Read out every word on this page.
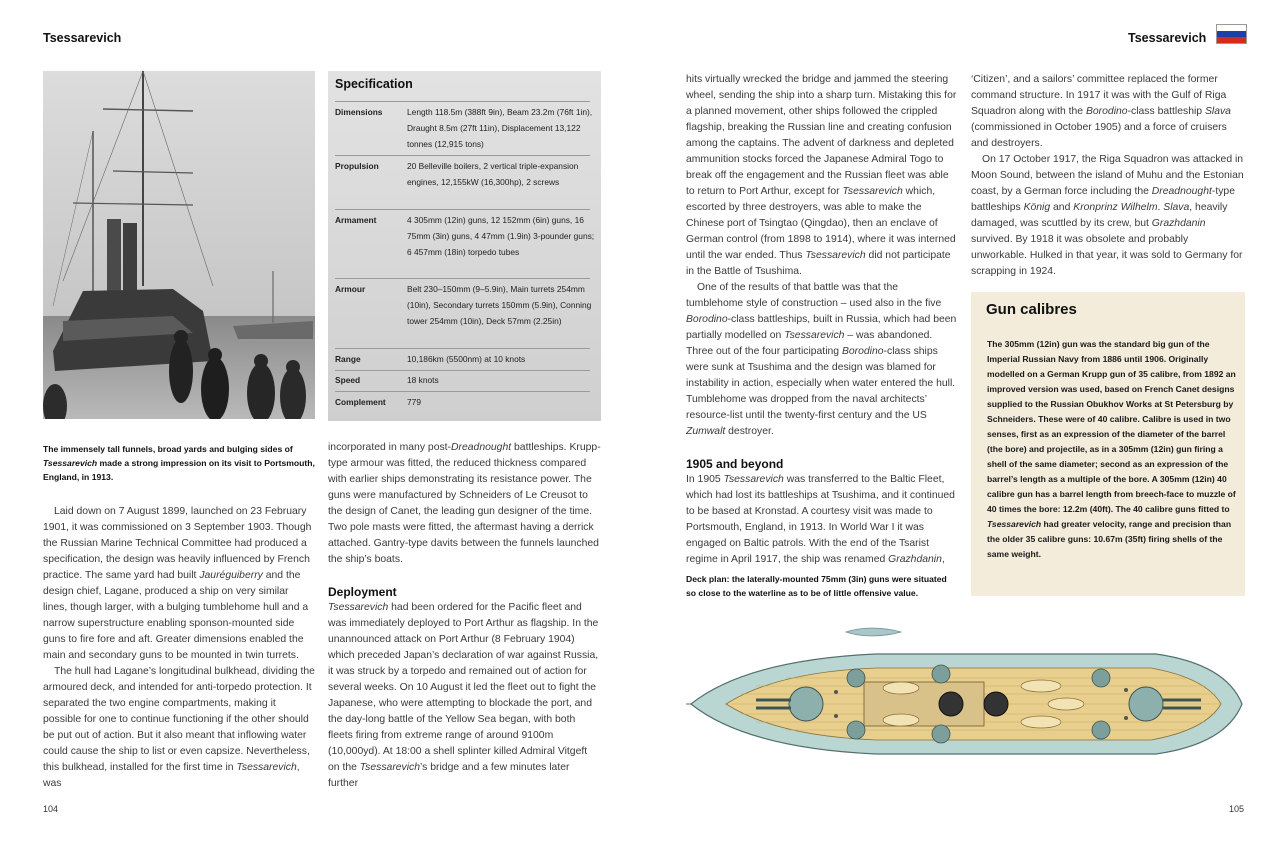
Tsessarevich
Specification
Dimensions	Length 118.5m (388ft 9in), Beam 23.2m (76ft 1in), Draught 8.5m (27ft 11in), Displacement 13,122 tonnes (12,915 tons)
Propulsion	20 Belleville boilers, 2 vertical triple-expansion engines, 12,155kW (16,300hp), 2 screws
Armament	4 305mm (12in) guns, 12 152mm (6in) guns, 16 75mm (3in) guns, 4 47mm (1.9in) 3-pounder guns; 6 457mm (18in) torpedo tubes
Armour	Belt 230–150mm (9–5.9in), Main turrets 254mm (10in), Secondary turrets 150mm (5.9in), Conning tower 254mm (10in), Deck 57mm (2.25in)
Range	10,186km (5500nm) at 10 knots
Speed	18 knots
Complement	779
The immensely tall funnels, broad yards and bulging sides of Tsessarevich made a strong impression on its visit to Portsmouth, England, in 1913.

Laid down on 7 August 1899, launched on 23 February 1901, it was commissioned on 3 September 1903. Though the Russian Marine Technical Committee had produced a specification, the design was heavily influenced by French practice. The same yard had built Jauréguiberry and the design chief, Lagane, produced a ship on very similar lines, though larger, with a bulging tumblehome hull and a narrow superstructure enabling sponson-mounted side guns to fire fore and aft. Greater dimensions enabled the main and secondary guns to be mounted in twin turrets.

The hull had Lagane’s longitudinal bulkhead, dividing the armoured deck, and intended for anti-torpedo protection. It separated the two engine compartments, making it possible for one to continue functioning if the other should be put out of action. But it also meant that inflowing water could cause the ship to list or even capsize. Nevertheless, this bulkhead, installed for the first time in Tsessarevich, was

incorporated in many post-Dreadnought battleships. Krupp-type armour was fitted, the reduced thickness compared with earlier ships demonstrating its resistance power. The guns were manufactured by Schneiders of Le Creusot to the design of Canet, the leading gun designer of the time. Two pole masts were fitted, the aftermast having a derrick attached. Gantry-type davits between the funnels launched the ship’s boats.

Deployment

Tsessarevich had been ordered for the Pacific fleet and was immediately deployed to Port Arthur as flagship. In the unannounced attack on Port Arthur (8 February 1904) which preceded Japan’s declaration of war against Russia, it was struck by a torpedo and remained out of action for several weeks. On 10 August it led the fleet out to fight the Japanese, who were attempting to blockade the port, and the day-long battle of the Yellow Sea began, with both fleets firing from extreme range of around 9100m (10,000yd). At 18:00 a shell splinter killed Admiral Vitgeft on the Tsessarevich’s bridge and a few minutes later further

104
Tsessarevich

hits virtually wrecked the bridge and jammed the steering wheel, sending the ship into a sharp turn. Mistaking this for a planned movement, other ships followed the crippled flagship, breaking the Russian line and creating confusion among the captains. The advent of darkness and depleted ammunition stocks forced the Japanese Admiral Togo to break off the engagement and the Russian fleet was able to return to Port Arthur, except for Tsessarevich which, escorted by three destroyers, was able to make the Chinese port of Tsingtao (Qingdao), then an enclave of German control (from 1898 to 1914), where it was interned until the war ended. Thus Tsessarevich did not participate in the Battle of Tsushima.

One of the results of that battle was that the tumblehome style of construction – used also in the five Borodino-class battleships, built in Russia, which had been partially modelled on Tsessarevich – was abandoned. Three out of the four participating Borodino-class ships were sunk at Tsushima and the design was blamed for instability in action, especially when water entered the hull. Tumblehome was dropped from the naval architects’ resource-list until the twenty-first century and the US Zumwalt destroyer.

1905 and beyond

In 1905 Tsessarevich was transferred to the Baltic Fleet, which had lost its battleships at Tsushima, and it continued to be based at Kronstad. A courtesy visit was made to Portsmouth, England, in 1913. In World War I it was engaged on Baltic patrols. With the end of the Tsarist regime in April 1917, the ship was renamed Grazhdanin,

Deck plan: the laterally-mounted 75mm (3in) guns were situated so close to the waterline as to be of little offensive value.

‘Citizen’, and a sailors’ committee replaced the former command structure. In 1917 it was with the Gulf of Riga Squadron along with the Borodino-class battleship Slava (commissioned in October 1905) and a force of cruisers and destroyers.

On 17 October 1917, the Riga Squadron was attacked in Moon Sound, between the island of Muhu and the Estonian coast, by a German force including the Dreadnought-type battleships König and Kronprinz Wilhelm. Slava, heavily damaged, was scuttled by its crew, but Grazhdanin survived. By 1918 it was obsolete and probably unworkable. Hulked in that year, it was sold to Germany for scrapping in 1924.

Gun calibres
The 305mm (12in) gun was the standard big gun of the Imperial Russian Navy from 1886 until 1906. Originally modelled on a German Krupp gun of 35 calibre, from 1892 an improved version was used, based on French Canet designs supplied to the Russian Obukhov Works at St Petersburg by Schneiders. These were of 40 calibre. Calibre is used in two senses, first as an expression of the diameter of the barrel (the bore) and projectile, as in a 305mm (12in) gun firing a shell of the same diameter; second as an expression of the barrel’s length as a multiple of the bore. A 305mm (12in) 40 calibre gun has a barrel length from breech-face to muzzle of 40 times the bore: 12.2m (40ft). The 40 calibre guns fitted to Tsessarevich had greater velocity, range and precision than the older 35 calibre guns: 10.67m (35ft) firing shells of the same weight.
105
